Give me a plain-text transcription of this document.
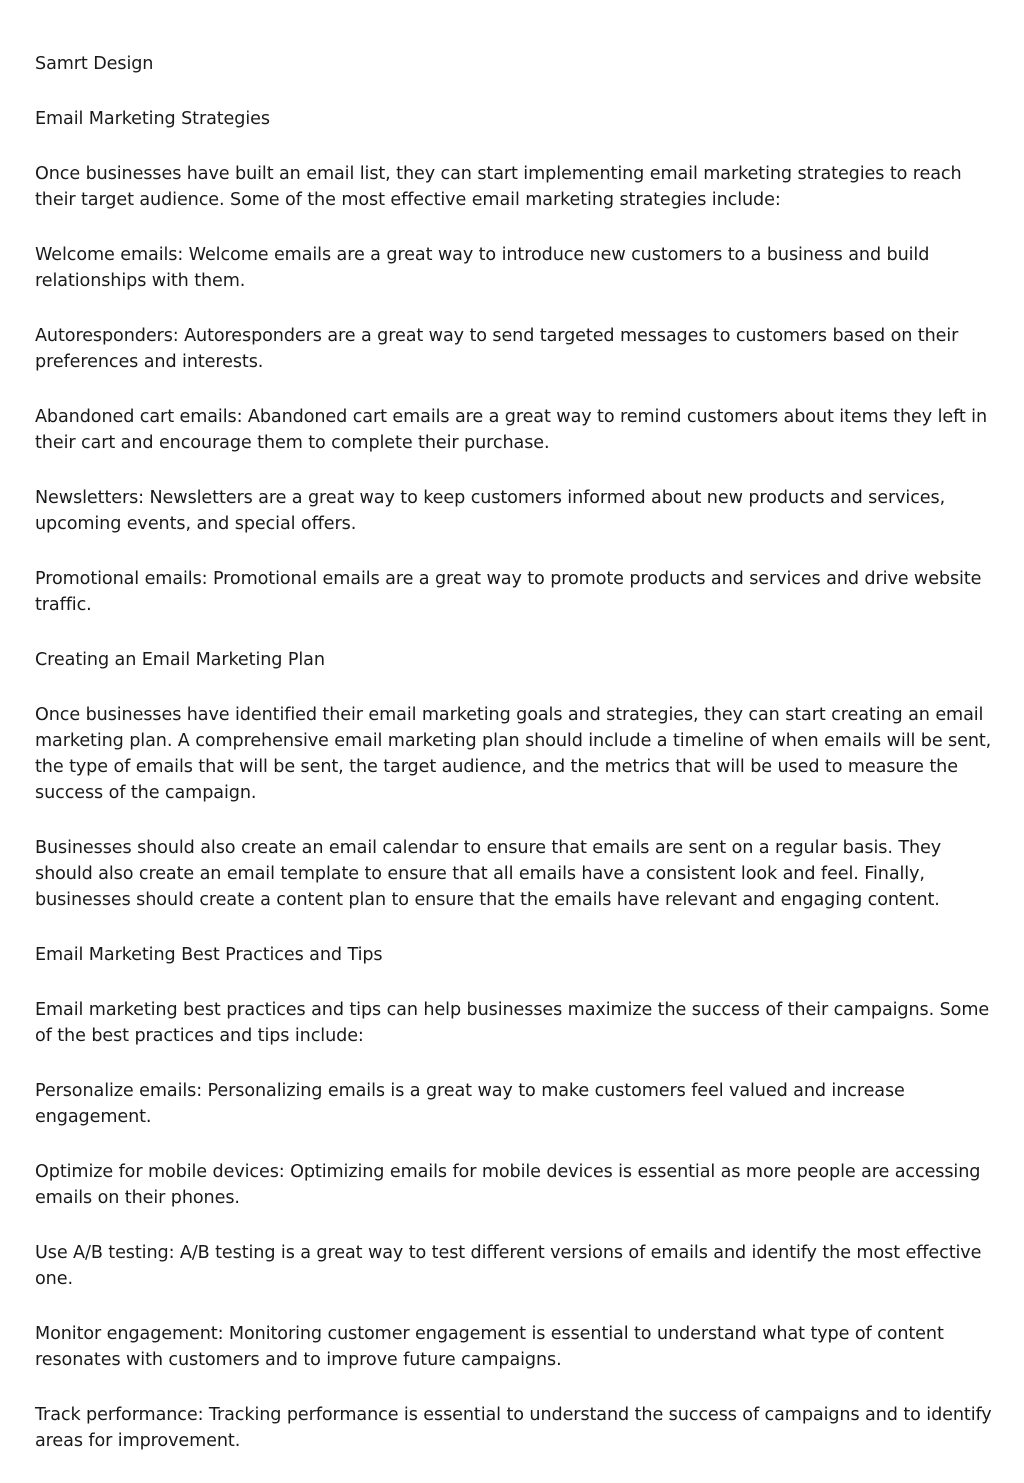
Samrt Design

Email Marketing Strategies

Once businesses have built an email list, they can start implementing email marketing strategies to reach their target audience. Some of the most effective email marketing strategies include:

Welcome emails: Welcome emails are a great way to introduce new customers to a business and build relationships with them.

Autoresponders: Autoresponders are a great way to send targeted messages to customers based on their preferences and interests.

Abandoned cart emails: Abandoned cart emails are a great way to remind customers about items they left in their cart and encourage them to complete their purchase.

Newsletters: Newsletters are a great way to keep customers informed about new products and services, upcoming events, and special offers.

Promotional emails: Promotional emails are a great way to promote products and services and drive website traffic.

Creating an Email Marketing Plan

Once businesses have identified their email marketing goals and strategies, they can start creating an email marketing plan. A comprehensive email marketing plan should include a timeline of when emails will be sent, the type of emails that will be sent, the target audience, and the metrics that will be used to measure the success of the campaign.

Businesses should also create an email calendar to ensure that emails are sent on a regular basis. They should also create an email template to ensure that all emails have a consistent look and feel. Finally, businesses should create a content plan to ensure that the emails have relevant and engaging content.

Email Marketing Best Practices and Tips

Email marketing best practices and tips can help businesses maximize the success of their campaigns. Some of the best practices and tips include:

Personalize emails: Personalizing emails is a great way to make customers feel valued and increase engagement.

Optimize for mobile devices: Optimizing emails for mobile devices is essential as more people are accessing emails on their phones.

Use A/B testing: A/B testing is a great way to test different versions of emails and identify the most effective one.

Monitor engagement: Monitoring customer engagement is essential to understand what type of content resonates with customers and to improve future campaigns.

Track performance: Tracking performance is essential to understand the success of campaigns and to identify areas for improvement.
